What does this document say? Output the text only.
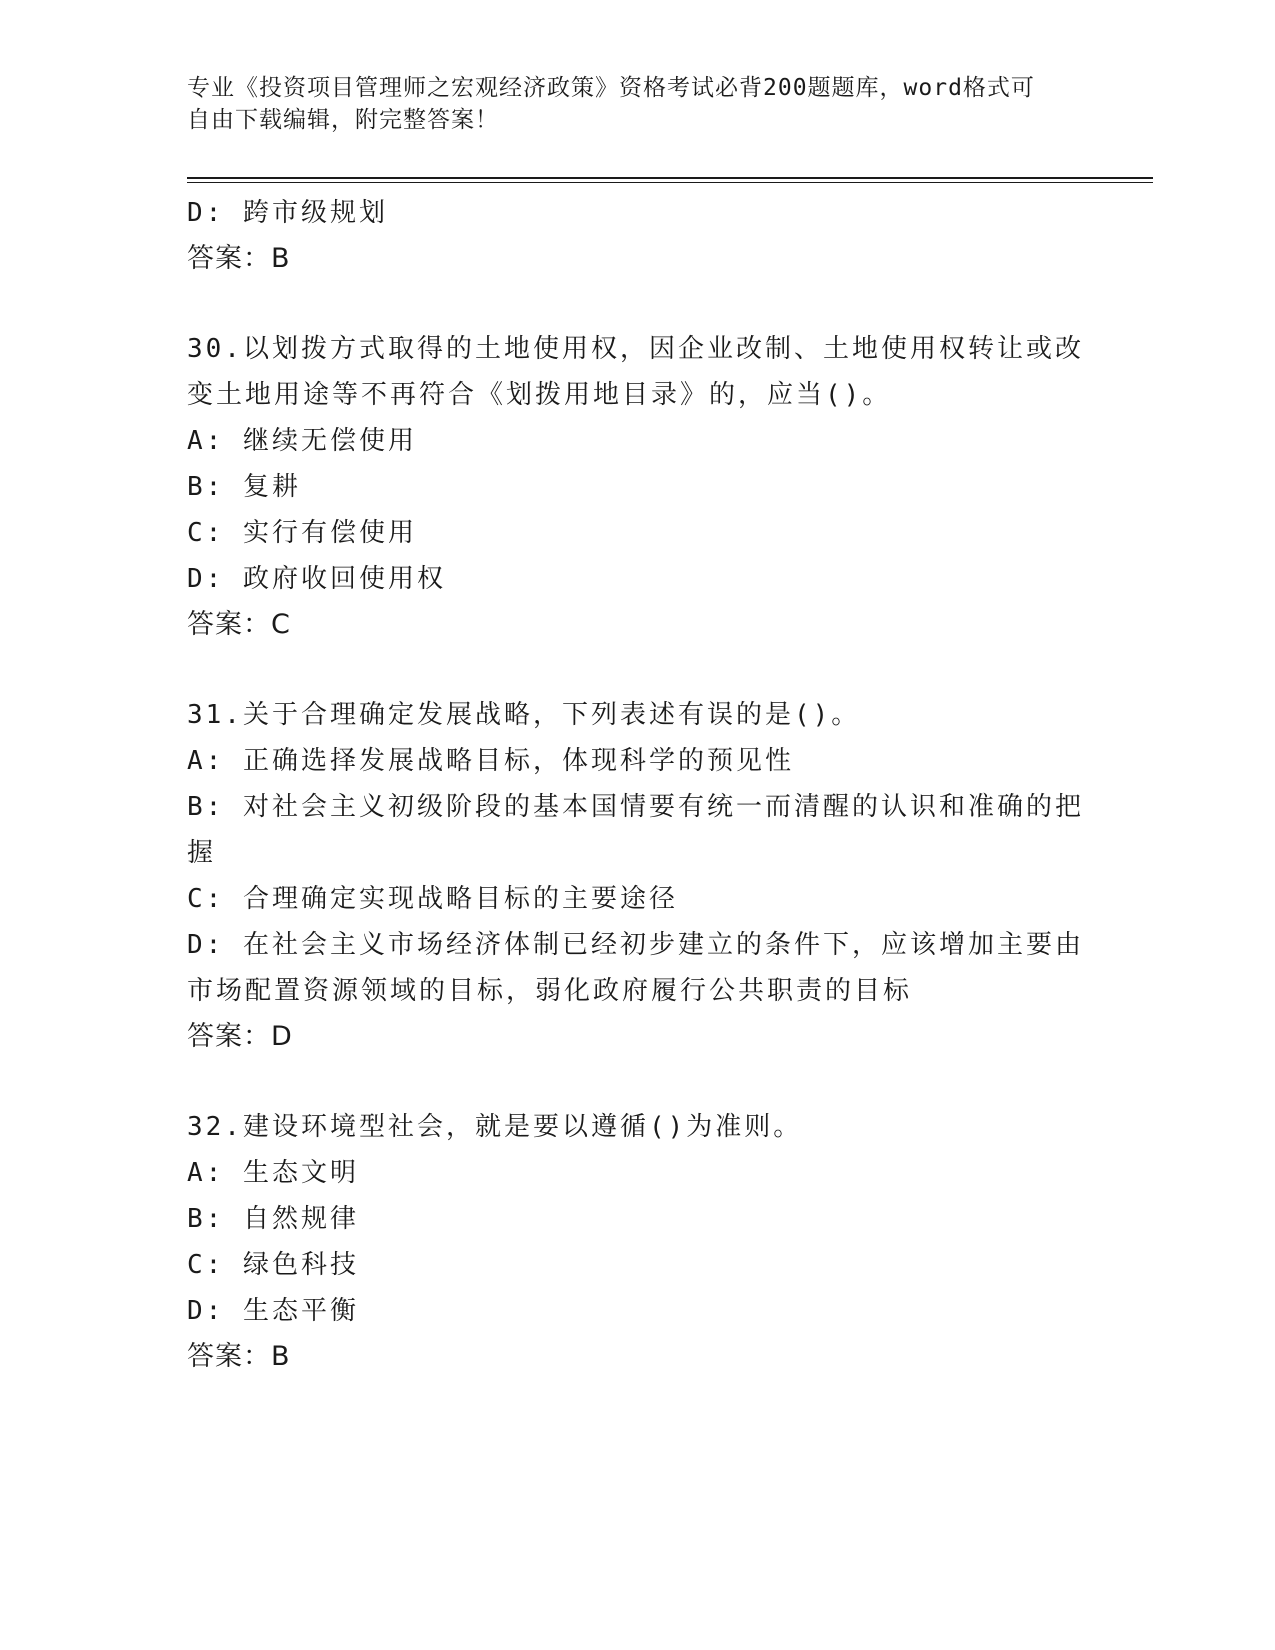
专业《投资项目管理师之宏观经济政策》资格考试必背200题题库，word格式可

自由下载编辑，附完整答案！

D: 跨市级规划

答案：B

30.以划拨方式取得的土地使用权，因企业改制、土地使用权转让或改

变土地用途等不再符合《划拨用地目录》的，应当()。

A: 继续无偿使用

B: 复耕

C: 实行有偿使用

D: 政府收回使用权

答案：C

31.关于合理确定发展战略，下列表述有误的是()。

A: 正确选择发展战略目标，体现科学的预见性

B: 对社会主义初级阶段的基本国情要有统一而清醒的认识和准确的把

握

C: 合理确定实现战略目标的主要途径

D: 在社会主义市场经济体制已经初步建立的条件下，应该增加主要由

市场配置资源领域的目标，弱化政府履行公共职责的目标

答案：D

32.建设环境型社会，就是要以遵循()为准则。

A: 生态文明

B: 自然规律

C: 绿色科技

D: 生态平衡

答案：B
